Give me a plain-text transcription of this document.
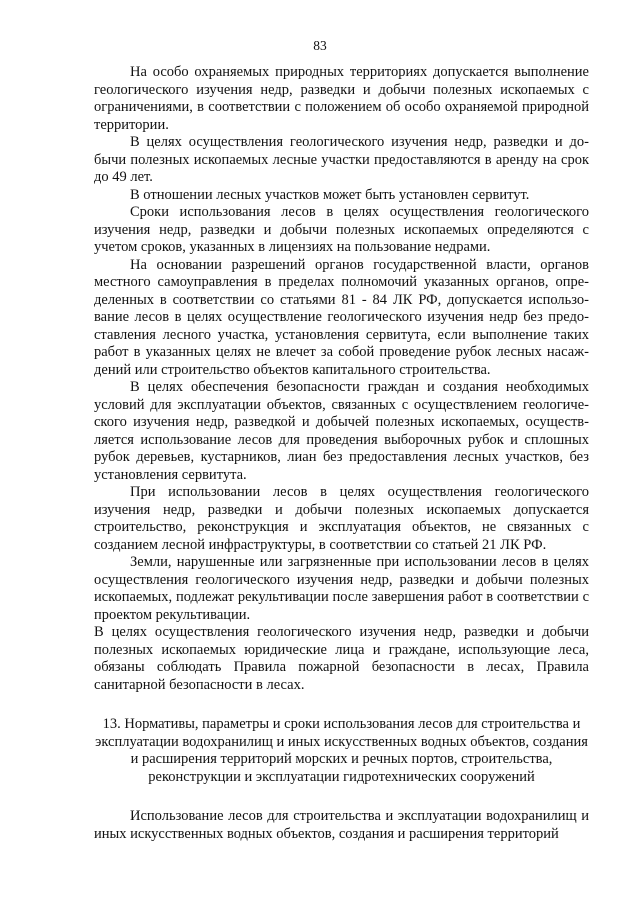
83

На особо охраняемых природных территориях допускается выполнение геологического изучения недр, разведки и добычи полезных ископаемых с ограничениями, в соответствии с положением об особо охраняемой природной территории.

В целях осуществления геологического изучения недр, разведки и добычи полезных ископаемых лесные участки предоставляются в аренду на срок до 49 лет.

В отношении лесных участков может быть установлен сервитут.

Сроки использования лесов в целях осуществления геологического изучения недр, разведки и добычи полезных ископаемых определяются с учетом сроков, указанных в лицензиях на пользование недрами.

На основании разрешений органов государственной власти, органов местного самоуправления в пределах полномочий указанных органов, определенных в соответствии со статьями 81 - 84 ЛК РФ, допускается использование лесов в целях осуществление геологического изучения недр без предоставления лесного участка, установления сервитута, если выполнение таких работ в указанных целях не влечет за собой проведение рубок лесных насаждений или строительство объектов капитального строительства.

В целях обеспечения безопасности граждан и создания необходимых условий для эксплуатации объектов, связанных с осуществлением геологического изучения недр, разведкой и добычей полезных ископаемых, осуществляется использование лесов для проведения выборочных рубок и сплошных рубок деревьев, кустарников, лиан без предоставления лесных участков, без установления сервитута.

При использовании лесов в целях осуществления геологического изучения недр, разведки и добычи полезных ископаемых допускается строительство, реконструкция и эксплуатация объектов, не связанных с созданием лесной инфраструктуры, в соответствии со статьей 21 ЛК РФ.

Земли, нарушенные или загрязненные при использовании лесов в целях осуществления геологического изучения недр, разведки и добычи полезных ископаемых, подлежат рекультивации после завершения работ в соответствии с проектом рекультивации.

В целях осуществления геологического изучения недр, разведки и добычи полезных ископаемых юридические лица и граждане, использующие леса, обязаны соблюдать Правила пожарной безопасности в лесах, Правила санитарной безопасности в лесах.

13. Нормативы, параметры и сроки использования лесов для строительства и эксплуатации водохранилищ и иных искусственных водных объектов, создания и расширения территорий морских и речных портов, строительства, реконструкции и эксплуатации гидротехнических сооружений

Использование лесов для строительства и эксплуатации водохранилищ и иных искусственных водных объектов, создания и расширения территорий
